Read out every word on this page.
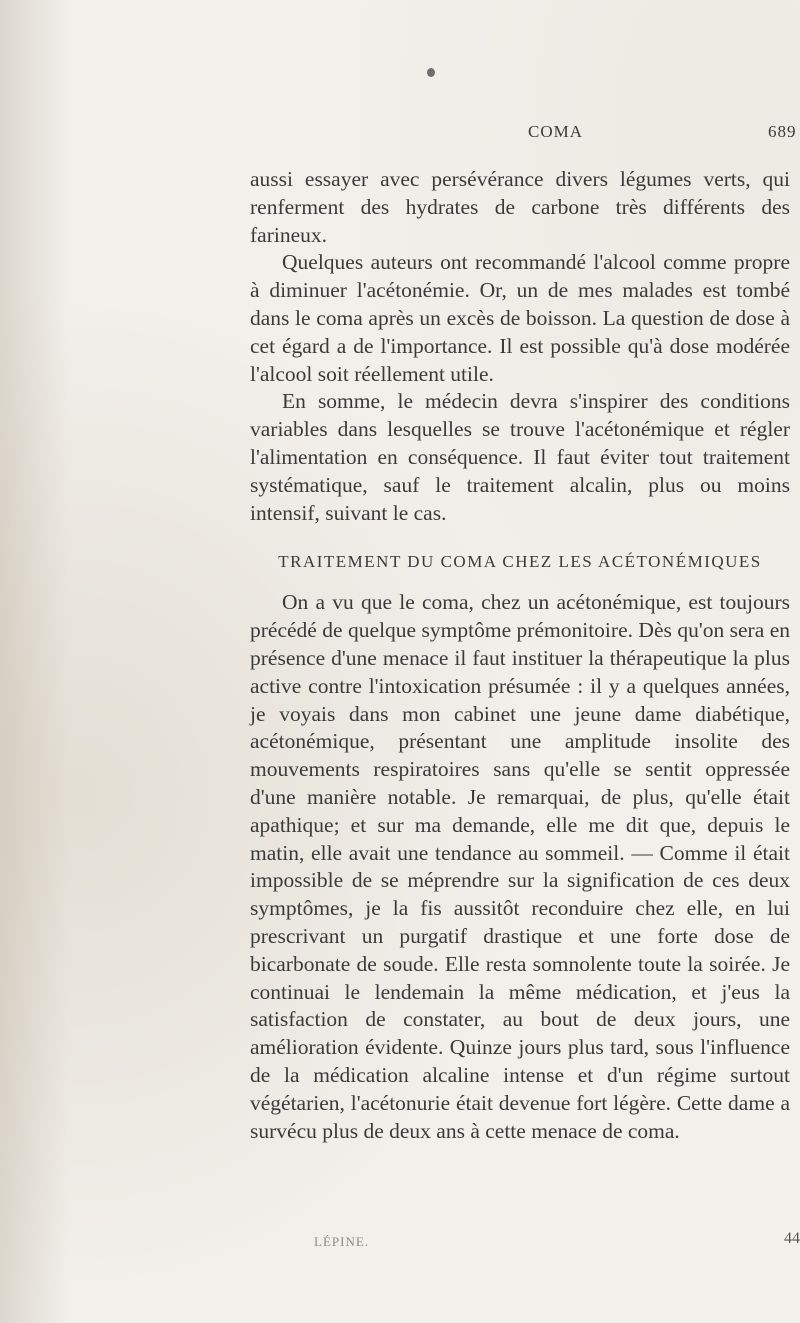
COMA	689

aussi essayer avec persévérance divers légumes verts, qui renferment des hydrates de carbone très différents des farineux.

Quelques auteurs ont recommandé l'alcool comme propre à diminuer l'acétonémie. Or, un de mes malades est tombé dans le coma après un excès de boisson. La question de dose à cet égard a de l'importance. Il est possible qu'à dose modérée l'alcool soit réellement utile.

En somme, le médecin devra s'inspirer des conditions variables dans lesquelles se trouve l'acétonémique et régler l'alimentation en conséquence. Il faut éviter tout traitement systématique, sauf le traitement alcalin, plus ou moins intensif, suivant le cas.

TRAITEMENT DU COMA CHEZ LES ACÉTONÉMIQUES

On a vu que le coma, chez un acétonémique, est toujours précédé de quelque symptôme prémonitoire. Dès qu'on sera en présence d'une menace il faut instituer la thérapeutique la plus active contre l'intoxication présumée : il y a quelques années, je voyais dans mon cabinet une jeune dame diabétique, acétonémique, présentant une amplitude insolite des mouvements respiratoires sans qu'elle se sentit oppressée d'une manière notable. Je remarquai, de plus, qu'elle était apathique; et sur ma demande, elle me dit que, depuis le matin, elle avait une tendance au sommeil. — Comme il était impossible de se méprendre sur la signification de ces deux symptômes, je la fis aussitôt reconduire chez elle, en lui prescrivant un purgatif drastique et une forte dose de bicarbonate de soude. Elle resta somnolente toute la soirée. Je continuai le lendemain la même médication, et j'eus la satisfaction de constater, au bout de deux jours, une amélioration évidente. Quinze jours plus tard, sous l'influence de la médication alcaline intense et d'un régime surtout végétarien, l'acétonurie était devenue fort légère. Cette dame a survécu plus de deux ans à cette menace de coma.

LÉPINE.	44
